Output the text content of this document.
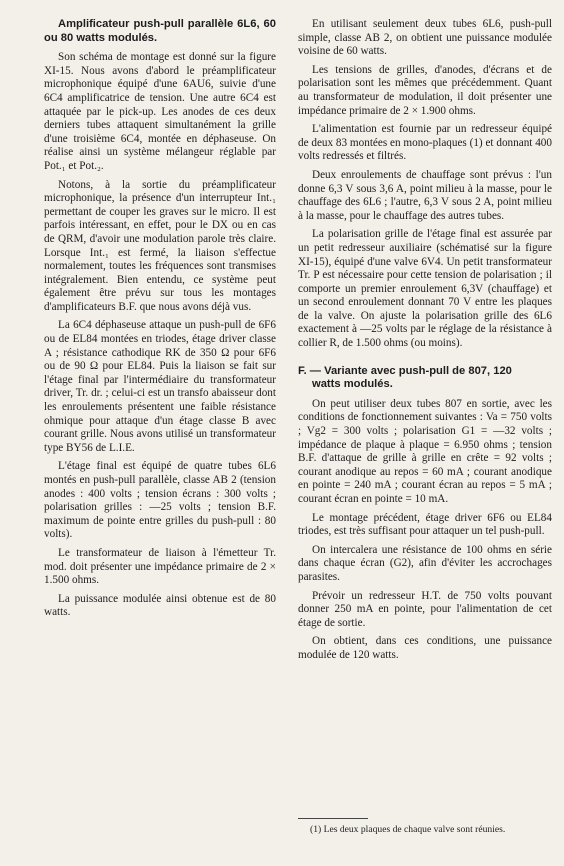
Amplificateur push-pull parallèle 6L6, 60 ou 80 watts modulés.

Son schéma de montage est donné sur la figure XI-15. Nous avons d'abord le préamplificateur microphonique équipé d'une 6AU6, suivie d'une 6C4 amplificatrice de tension. Une autre 6C4 est attaquée par le pick-up. Les anodes de ces deux derniers tubes attaquent simultanément la grille d'une troisième 6C4, montée en déphaseuse. On réalise ainsi un système mélangeur réglable par Pot.₁ et Pot.₂.

Notons, à la sortie du préamplificateur microphonique, la présence d'un interrupteur Int.₁ permettant de couper les graves sur le micro. Il est parfois intéressant, en effet, pour le DX ou en cas de QRM, d'avoir une modulation parole très claire. Lorsque Int.₁ est fermé, la liaison s'effectue normalement, toutes les fréquences sont transmises intégralement. Bien entendu, ce système peut également être prévu sur tous les montages d'amplificateurs B.F. que nous avons déjà vus.

La 6C4 déphaseuse attaque un push-pull de 6F6 ou de EL84 montées en triodes, étage driver classe A ; résistance cathodique RK de 350 Ω pour 6F6 ou de 90 Ω pour EL84. Puis la liaison se fait sur l'étage final par l'intermédiaire du transformateur driver, Tr. dr. ; celui-ci est un transfo abaisseur dont les enroulements présentent une faible résistance ohmique pour attaque d'un étage classe B avec courant grille. Nous avons utilisé un transformateur type BY56 de L.I.E.

L'étage final est équipé de quatre tubes 6L6 montés en push-pull parallèle, classe AB 2 (tension anodes : 400 volts ; tension écrans : 300 volts ; polarisation grilles : —25 volts ; tension B.F. maximum de pointe entre grilles du push-pull : 80 volts).

Le transformateur de liaison à l'émetteur Tr. mod. doit présenter une impédance primaire de 2 × 1.500 ohms.

La puissance modulée ainsi obtenue est de 80 watts.

En utilisant seulement deux tubes 6L6, push-pull simple, classe AB 2, on obtient une puissance modulée voisine de 60 watts.

Les tensions de grilles, d'anodes, d'écrans et de polarisation sont les mêmes que précédemment. Quant au transformateur de modulation, il doit présenter une impédance primaire de 2 × 1.900 ohms.

L'alimentation est fournie par un redresseur équipé de deux 83 montées en mono-plaques (1) et donnant 400 volts redressés et filtrés.

Deux enroulements de chauffage sont prévus : l'un donne 6,3 V sous 3,6 A, point milieu à la masse, pour le chauffage des 6L6 ; l'autre, 6,3 V sous 2 A, point milieu à la masse, pour le chauffage des autres tubes.

La polarisation grille de l'étage final est assurée par un petit redresseur auxiliaire (schématisé sur la figure XI-15), équipé d'une valve 6V4. Un petit transformateur Tr. P est nécessaire pour cette tension de polarisation ; il comporte un premier enroulement 6,3V (chauffage) et un second enroulement donnant 70 V entre les plaques de la valve. On ajuste la polarisation grille des 6L6 exactement à —25 volts par le réglage de la résistance à collier R, de 1.500 ohms (ou moins).

F. — Variante avec push-pull de 807, 120
watts modulés.

On peut utiliser deux tubes 807 en sortie, avec les conditions de fonctionnement suivantes : Va = 750 volts ; Vg2 = 300 volts ; polarisation G1 = —32 volts ; impédance de plaque à plaque = 6.950 ohms ; tension B.F. d'attaque de grille à grille en crête = 92 volts ; courant anodique au repos = 60 mA ; courant anodique en pointe = 240 mA ; courant écran au repos = 5 mA ; courant écran en pointe = 10 mA.

Le montage précédent, étage driver 6F6 ou EL84 triodes, est très suffisant pour attaquer un tel push-pull.

On intercalera une résistance de 100 ohms en série dans chaque écran (G2), afin d'éviter les accrochages parasites.

Prévoir un redresseur H.T. de 750 volts pouvant donner 250 mA en pointe, pour l'alimentation de cet étage de sortie.

On obtient, dans ces conditions, une puissance modulée de 120 watts.

(1) Les deux plaques de chaque valve sont réunies.
